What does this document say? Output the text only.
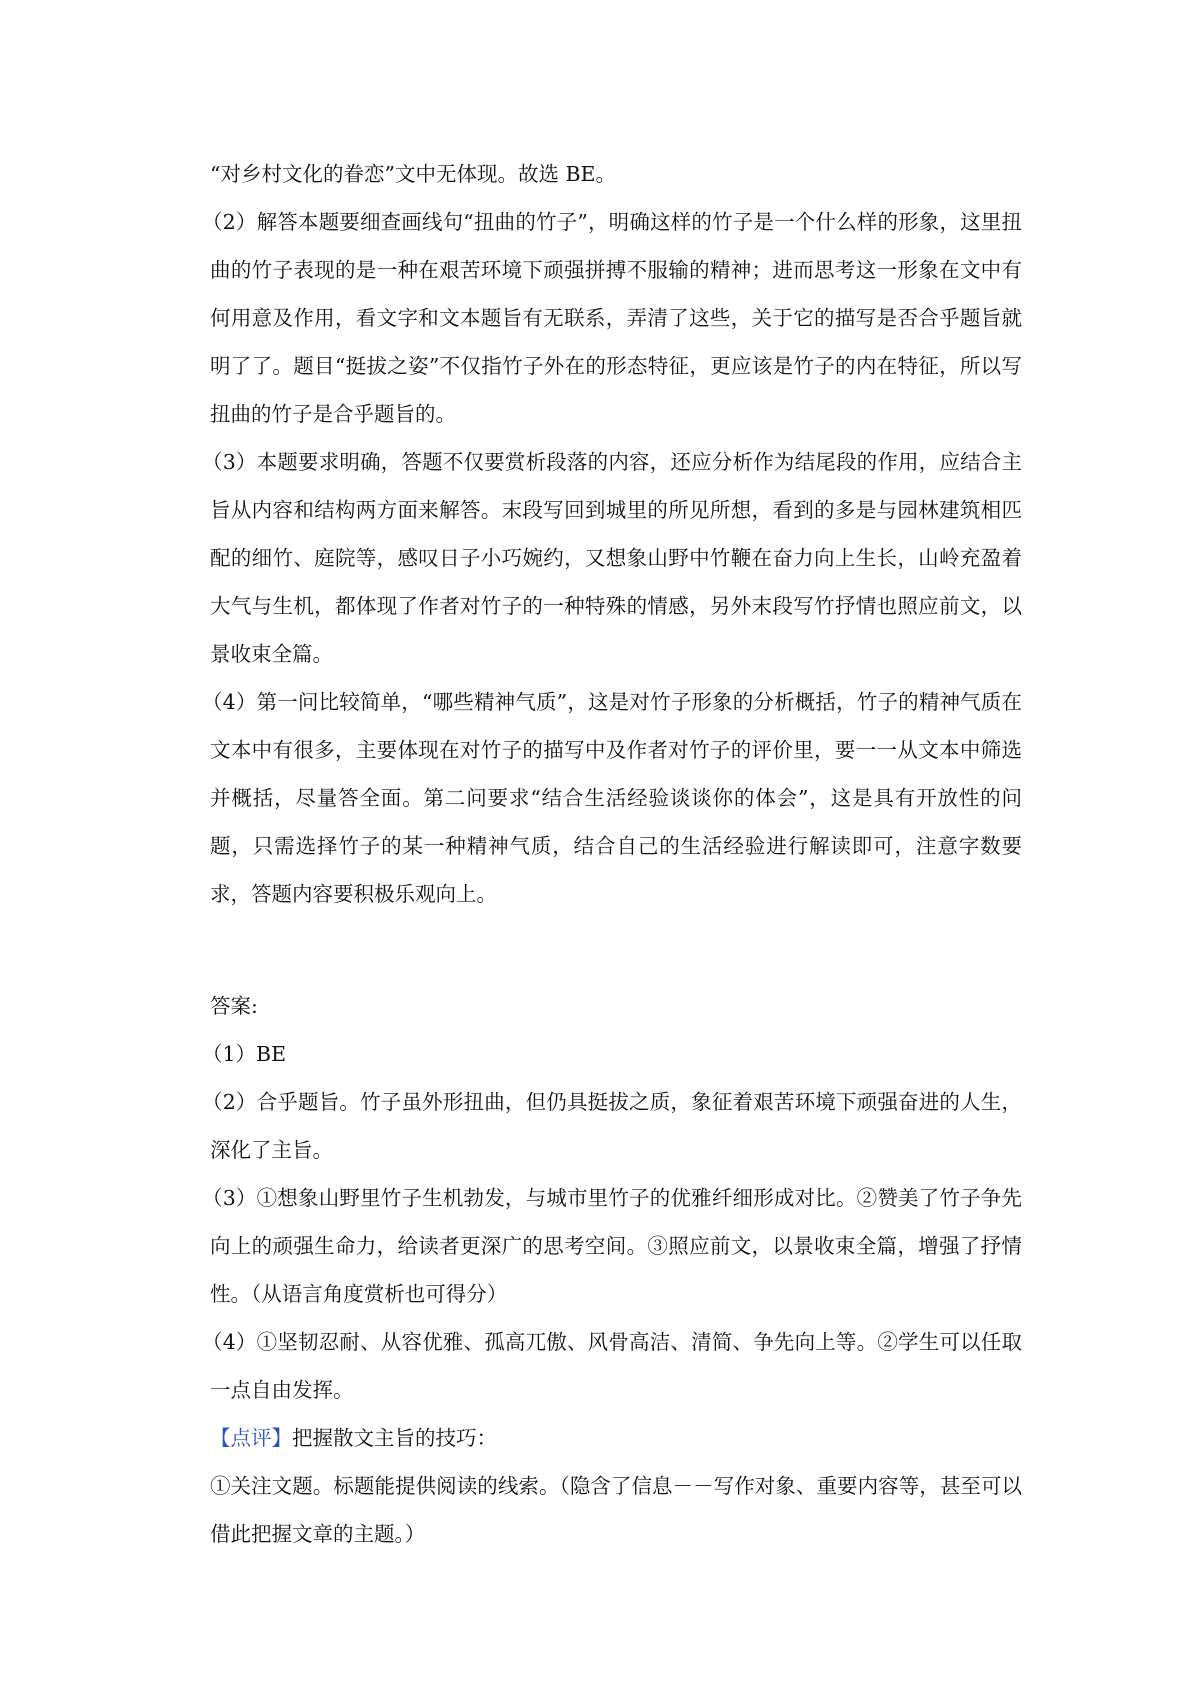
“对乡村文化的眷恋”文中无体现。故选 BE。

（2）解答本题要细查画线句“扭曲的竹子”，明确这样的竹子是一个什么样的形象，这里扭曲的竹子表现的是一种在艰苦环境下顽强拼搏不服输的精神；进而思考这一形象在文中有何用意及作用，看文字和文本题旨有无联系，弄清了这些，关于它的描写是否合乎题旨就明了了。题目“挺拔之姿”不仅指竹子外在的形态特征，更应该是竹子的内在特征，所以写扭曲的竹子是合乎题旨的。

（3）本题要求明确，答题不仅要赏析段落的内容，还应分析作为结尾段的作用，应结合主旨从内容和结构两方面来解答。末段写回到城里的所见所想，看到的多是与园林建筑相匹配的细竹、庭院等，感叹日子小巧婉约，又想象山野中竹鞭在奋力向上生长，山岭充盈着大气与生机，都体现了作者对竹子的一种特殊的情感，另外末段写竹抒情也照应前文，以景收束全篇。

（4）第一问比较简单，“哪些精神气质”，这是对竹子形象的分析概括，竹子的精神气质在文本中有很多，主要体现在对竹子的描写中及作者对竹子的评价里，要一一从文本中筛选并概括，尽量答全面。第二问要求“结合生活经验谈谈你的体会”，这是具有开放性的问题，只需选择竹子的某一种精神气质，结合自己的生活经验进行解读即可，注意字数要求，答题内容要积极乐观向上。

答案:

（1）BE

（2）合乎题旨。竹子虽外形扭曲，但仍具挺拔之质，象征着艰苦环境下顽强奋进的人生，深化了主旨。

（3）①想象山野里竹子生机勃发，与城市里竹子的优雅纤细形成对比。②赞美了竹子争先向上的顽强生命力，给读者更深广的思考空间。③照应前文，以景收束全篇，增强了抒情性。（从语言角度赏析也可得分）

（4）①坚韧忍耐、从容优雅、孤高兀傲、风骨高洁、清简、争先向上等。②学生可以任取一点自由发挥。

【点评】把握散文主旨的技巧：

①关注文题。标题能提供阅读的线索。（隐含了信息－－写作对象、重要内容等，甚至可以借此把握文章的主题。）
